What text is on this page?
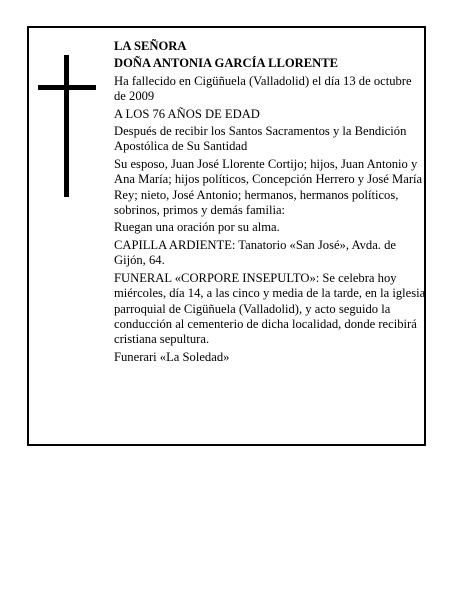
LA SEÑORA

DOÑA ANTONIA GARCÍA LLORENTE

Ha fallecido en Cigüñuela (Valladolid) el día 13 de octubre de 2009

A LOS 76 AÑOS DE EDAD

Después de recibir los Santos Sacramentos y la Bendición Apostólica de Su Santidad

Su esposo, Juan José Llorente Cortijo; hijos, Juan Antonio y Ana María; hijos políticos, Concepción Herrero y José María Rey; nieto, José Antonio; hermanos, hermanos políticos, sobrinos, primos y demás familia:

Ruegan una oración por su alma.

CAPILLA ARDIENTE: Tanatorio «San José», Avda. de Gijón, 64.

FUNERAL «CORPORE INSEPULTO»: Se celebra hoy miércoles, día 14, a las cinco y media de la tarde, en la iglesia parroquial de Cigüñuela (Valladolid), y acto seguido la conducción al cementerio de dicha localidad, donde recibirá cristiana sepultura.

Funerari «La Soledad»
